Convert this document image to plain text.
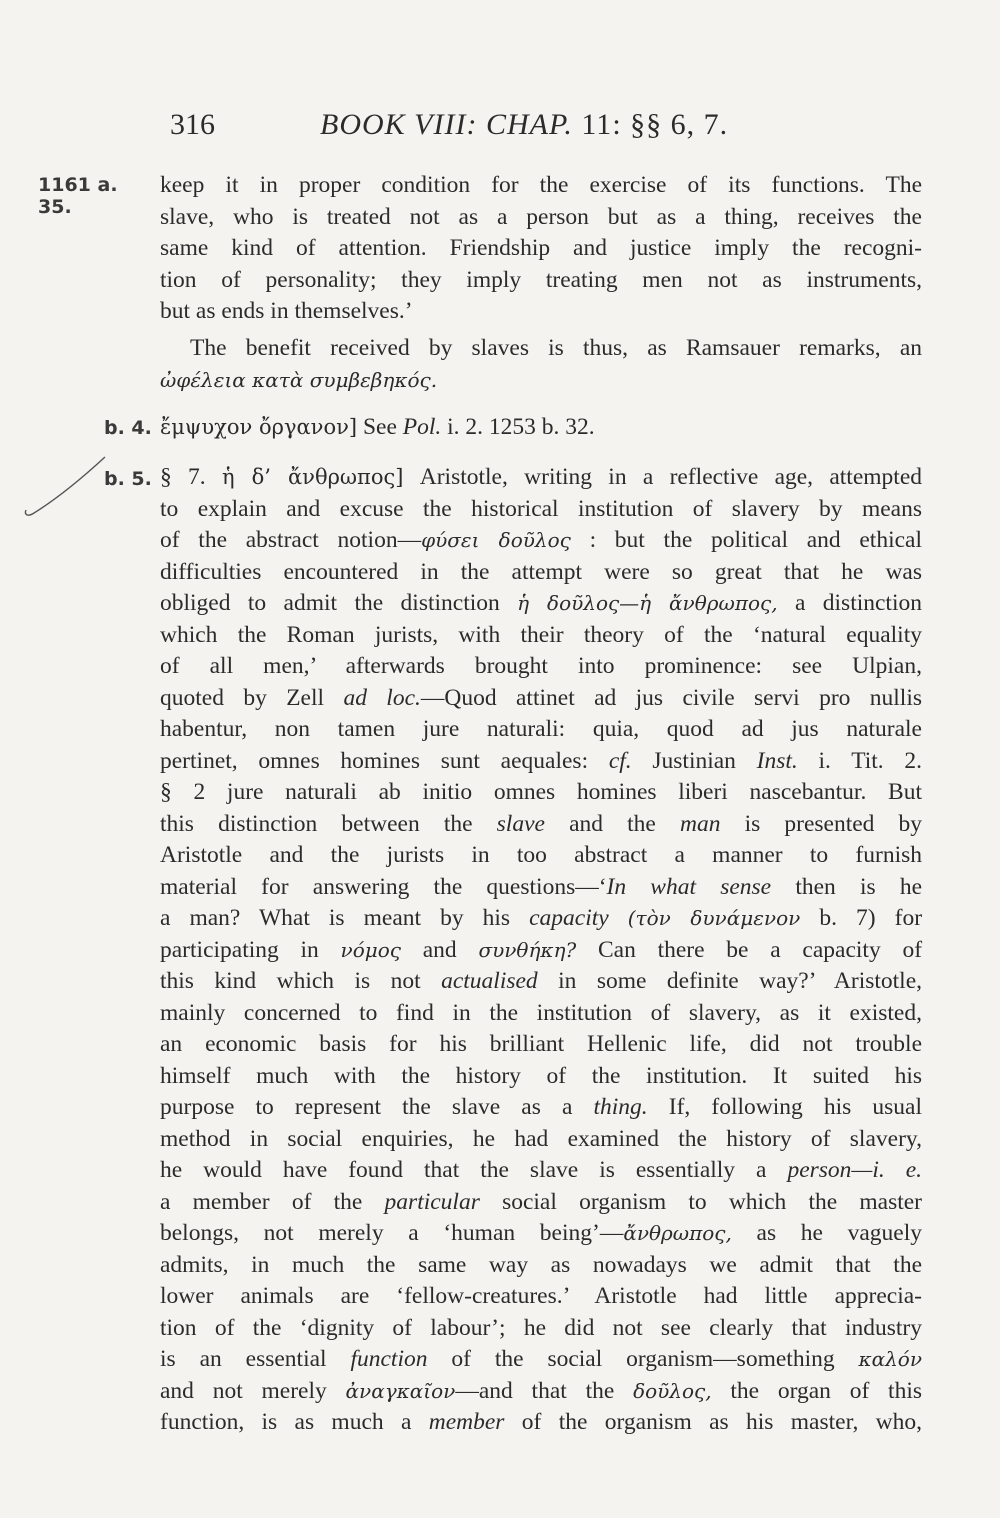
316	BOOK VIII: CHAP. 11: §§ 6, 7.
1161 a. 35.
b. 4.
b. 5.
keep it in proper condition for the exercise of its functions. The
slave, who is treated not as a person but as a thing, receives the
same kind of attention. Friendship and justice imply the recogni-
tion of personality; they imply treating men not as instruments,
but as ends in themselves.’
The benefit received by slaves is thus, as Ramsauer remarks, an
ὠφέλεια κατὰ συμβεβηκός.
ἔμψυχον ὄργανον] See Pol. i. 2. 1253 b. 32.
§ 7. ἡ δ’ ἄνθρωπος] Aristotle, writing in a reflective age, attempted
to explain and excuse the historical institution of slavery by means
of the abstract notion—φύσει δοῦλος : but the political and ethical
difficulties encountered in the attempt were so great that he was
obliged to admit the distinction ἡ δοῦλος—ἡ ἄνθρωπος, a distinction
which the Roman jurists, with their theory of the ‘natural equality
of all men,’ afterwards brought into prominence: see Ulpian,
quoted by Zell ad loc.—Quod attinet ad jus civile servi pro nullis
habentur, non tamen jure naturali: quia, quod ad jus naturale
pertinet, omnes homines sunt aequales: cf. Justinian Inst. i. Tit. 2.
§ 2 jure naturali ab initio omnes homines liberi nascebantur. But
this distinction between the slave and the man is presented by
Aristotle and the jurists in too abstract a manner to furnish
material for answering the questions—‘In what sense then is he
a man? What is meant by his capacity (τὸν δυνάμενον b. 7) for
participating in νόμος and συνθήκη? Can there be a capacity of
this kind which is not actualised in some definite way?’ Aristotle,
mainly concerned to find in the institution of slavery, as it existed,
an economic basis for his brilliant Hellenic life, did not trouble
himself much with the history of the institution. It suited his
purpose to represent the slave as a thing. If, following his usual
method in social enquiries, he had examined the history of slavery,
he would have found that the slave is essentially a person—i. e.
a member of the particular social organism to which the master
belongs, not merely a ‘human being’—ἄνθρωπος, as he vaguely
admits, in much the same way as nowadays we admit that the
lower animals are ‘fellow-creatures.’ Aristotle had little apprecia-
tion of the ‘dignity of labour’; he did not see clearly that industry
is an essential function of the social organism—something καλόν
and not merely ἀναγκαῖον—and that the δοῦλος, the organ of this
function, is as much a member of the organism as his master, who,
